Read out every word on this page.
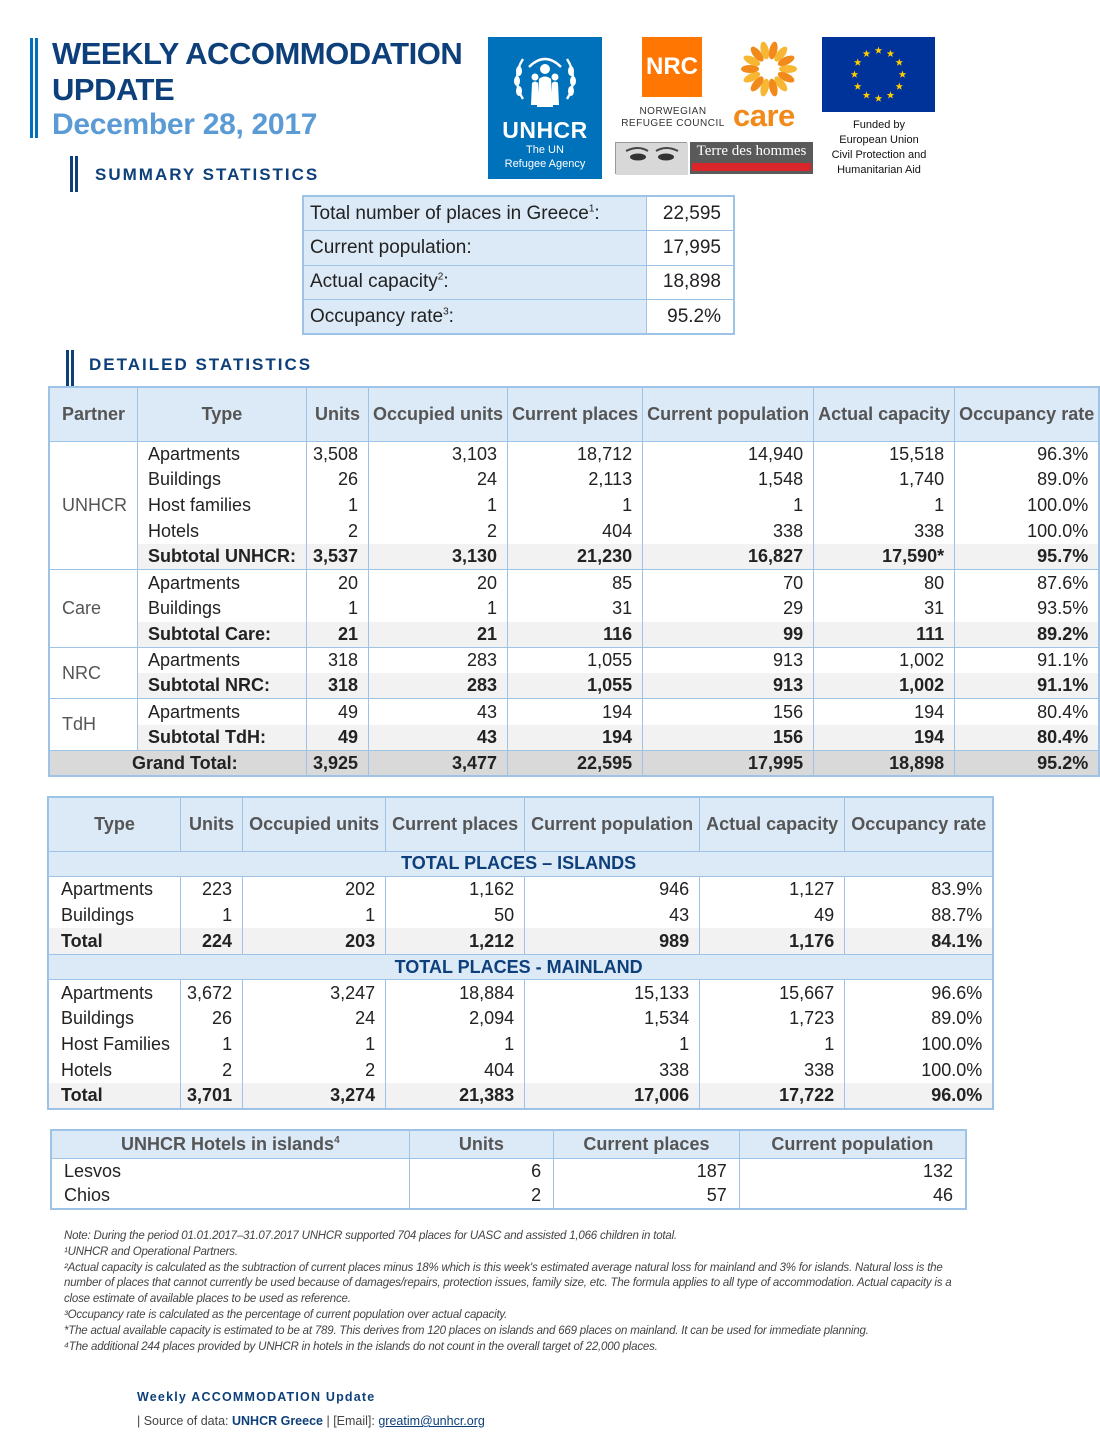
WEEKLY ACCOMMODATION UPDATE
December 28, 2017	UNHCR
The UN
Refugee Agency
NRC
NORWEGIAN
REFUGEE COUNCIL care
Terre des hommes
Funded by
European Union
Civil Protection and
Humanitarian Aid
SUMMARY STATISTICS
Total number of places in Greece$^1$:	22,595
Current population:	17,995
Actual capacity$^2$:	18,898
Occupancy rate$^3$:	95.2%
DETAILED STATISTICS
Partner	Type	Units	Occupied units	Current places	Current population	Actual capacity	Occupancy rate
UNHCR	Apartments	3,508	3,103	18,712	14,940	15,518	96.3%
	Buildings	26	24	2,113	1,548	1,740	89.0%
	Host families	1	1	1	1	1	100.0%
	Hotels	2	2	404	338	338	100.0%
	Subtotal UNHCR:	3,537	3,130	21,230	16,827	17,590*	95.7%
Care	Apartments	20	20	85	70	80	87.6%
	Buildings	1	1	31	29	31	93.5%
	Subtotal Care:	21	21	116	99	111	89.2%
NRC	Apartments	318	283	1,055	913	1,002	91.1%
	Subtotal NRC:	318	283	1,055	913	1,002	91.1%
TdH	Apartments	49	43	194	156	194	80.4%
	Subtotal TdH:	49	43	194	156	194	80.4%
Grand Total:		3,925	3,477	22,595	17,995	18,898	95.2%
Type	Units	Occupied units	Current places	Current population	Actual capacity	Occupancy rate
TOTAL PLACES – ISLANDS						
Apartments	223	202	1,162	946	1,127	83.9%
Buildings	1	1	50	43	49	88.7%
Total	224	203	1,212	989	1,176	84.1%
TOTAL PLACES - MAINLAND						
Apartments	3,672	3,247	18,884	15,133	15,667	96.6%
Buildings	26	24	2,094	1,534	1,723	89.0%
Host Families	1	1	1	1	1	100.0%
Hotels	2	2	404	338	338	100.0%
Total	3,701	3,274	21,383	17,006	17,722	96.0%
UNHCR Hotels in islands$^4$	Units	Current places	Current population
Lesvos	6	187	132
Chios	2	57	46

Note: During the period 01.01.2017–31.07.2017 UNHCR supported 704 places for UASC and assisted 1,066 children in total.

¹UNHCR and Operational Partners.

²Actual capacity is calculated as the subtraction of current places minus 18% which is this week's estimated average natural loss for mainland and 3% for islands. Natural loss is the number of places that cannot currently be used because of damages/repairs, protection issues, family size, etc. The formula applies to all type of accommodation. Actual capacity is a close estimate of available places to be used as reference.

³Occupancy rate is calculated as the percentage of current population over actual capacity.

*The actual available capacity is estimated to be at 789. This derives from 120 places on islands and 669 places on mainland. It can be used for immediate planning.

⁴The additional 244 places provided by UNHCR in hotels in the islands do not count in the overall target of 22,000 places.

Weekly ACCOMMODATION Update
| Source of data: UNHCR Greece | [Email]: greatim@unhcr.org
